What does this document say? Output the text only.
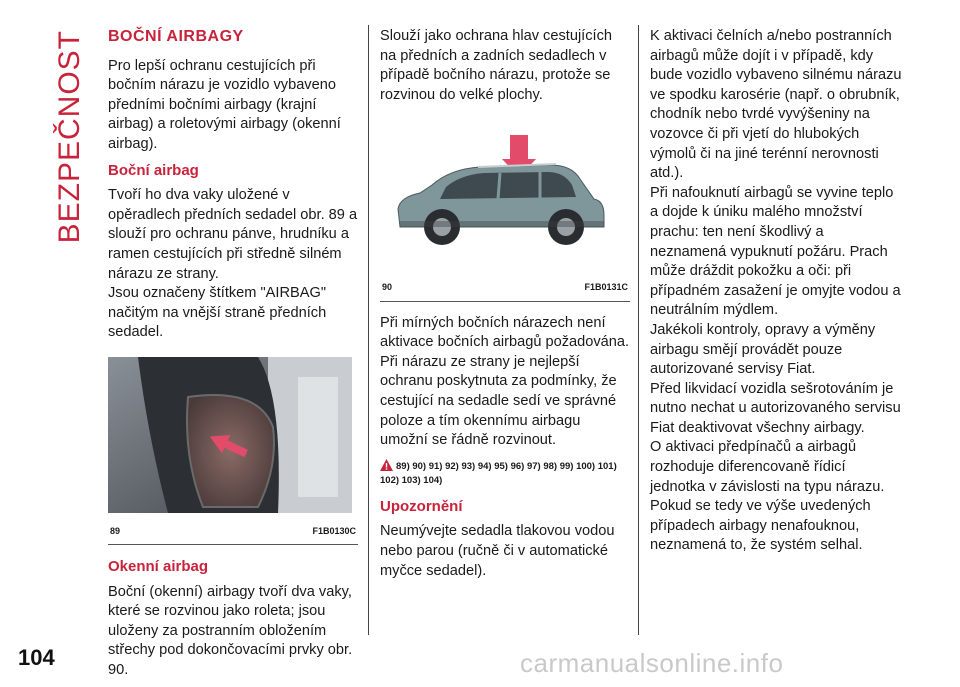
BEZPEČNOST BOČNÍ AIRBAGY

Pro lepší ochranu cestujících při bočním nárazu je vozidlo vybaveno předními bočními airbagy (krajní airbag) a roletovými airbagy (okenní airbag).

Boční airbag

Tvoří ho dva vaky uložené v opěradlech předních sedadel obr. 89 a slouží pro ochranu pánve, hrudníku a ramen cestujících při středně silném nárazu ze strany.

Jsou označeny štítkem "AIRBAG" načitým na vnější straně předních sedadel.

89	F1B0130C
Okenní airbag

Boční (okenní) airbagy tvoří dva vaky, které se rozvinou jako roleta; jsou uloženy za postranním obložením střechy pod dokončovacími prvky obr. 90.

Slouží jako ochrana hlav cestujících na předních a zadních sedadlech v případě bočního nárazu, protože se rozvinou do velké plochy.

90	F1B0131C

Při mírných bočních nárazech není aktivace bočních airbagů požadována. Při nárazu ze strany je nejlepší ochranu poskytnuta za podmínky, že cestující na sedadle sedí ve správné poloze a tím okennímu airbagu umožní se řádně rozvinout.

89) 90) 91) 92) 93) 94) 95) 96) 97) 98) 99) 100) 101) 102) 103) 104)
Upozornění

Neumývejte sedadla tlakovou vodou nebo parou (ručně či v automatické myčce sedadel).

K aktivaci čelních a/nebo postranních airbagů může dojít i v případě, kdy bude vozidlo vybaveno silnému nárazu ve spodku karosérie (např. o obrubník, chodník nebo tvrdé vyvýšeniny na vozovce či při vjetí do hlubokých výmolů či na jiné terénní nerovnosti atd.).

Při nafouknutí airbagů se vyvine teplo a dojde k úniku malého množství prachu: ten není škodlivý a neznamená vypuknutí požáru. Prach může dráždit pokožku a oči: při případném zasažení je omyjte vodou a neutrálním mýdlem.

Jakékoli kontroly, opravy a výměny airbagu smějí provádět pouze autorizované servisy Fiat.

Před likvidací vozidla sešrotováním je nutno nechat u autorizovaného servisu Fiat deaktivovat všechny airbagy.

O aktivaci předpínačů a airbagů rozhoduje diferencovaně řídicí jednotka v závislosti na typu nárazu. Pokud se tedy ve výše uvedených případech airbagy nenafouknou, neznamená to, že systém selhal.

104	carmanualsonline.info
